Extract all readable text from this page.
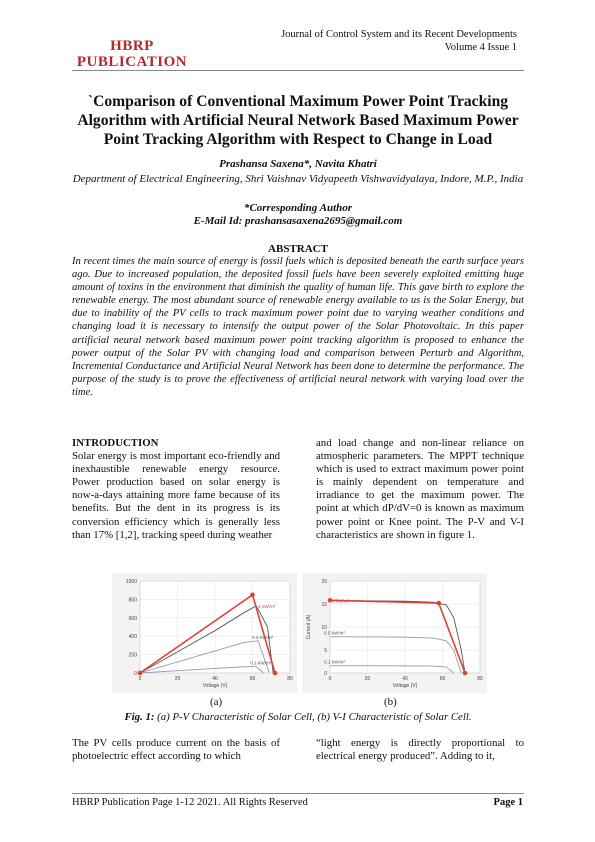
HBRP
PUBLICATION
Journal of Control System and its Recent Developments
Volume 4 Issue 1
`Comparison of Conventional Maximum Power Point Tracking Algorithm with Artificial Neural Network Based Maximum Power Point Tracking Algorithm with Respect to Change in Load
Prashansa Saxena*, Navita Khatri
Department of Electrical Engineering, Shri Vaishnav Vidyapeeth Vishwavidyalaya, Indore, M.P., India
*Corresponding Author
E-Mail Id: prashansasaxena2695@gmail.com
ABSTRACT
In recent times the main source of energy is fossil fuels which is deposited beneath the earth surface years ago. Due to increased population, the deposited fossil fuels have been severely exploited emitting huge amount of toxins in the environment that diminish the quality of human life. This gave birth to explore the renewable energy. The most abundant source of renewable energy available to us is the Solar Energy, but due to inability of the PV cells to track maximum power point due to varying weather conditions and changing load it is necessary to intensify the output power of the Solar Photovoltaic. In this paper artificial neural network based maximum power point tracking algorithm is proposed to enhance the power output of the Solar PV with changing load and comparison between Perturb and Algorithm, Incremental Conductance and Artificial Neural Network has been done to determine the performance. The purpose of the study is to prove the effectiveness of artificial neural network with varying load over the time.
INTRODUCTION
Solar energy is most important eco-friendly and inexhaustible renewable energy resource. Power production based on solar energy is now-a-days attaining more fame because of its benefits. But the dent in its progress is its conversion efficiency which is generally less than 17% [1,2], tracking speed during weather
and load change and non-linear reliance on atmospheric parameters. The MPPT technique which is used to extract maximum power point is mainly dependent on temperature and irradiance to get the maximum power. The point at which dP/dV=0 is known as maximum power point or Knee point. The P-V and V-I characteristics are shown in figure 1.
0
200
400
600
800
1000
0	20	40	60	80
Voltage (V)
1 kW/m²
0.5 kW/m²
0.1 kW/m²
0
5
10
15
20
0	20	40	60	80
Voltage (V)
Current (A)
1 kW/m²
0.5 kW/m²
0.1 kW/m²
(a)	(b)
Fig. 1: (a) P-V Characteristic of Solar Cell, (b) V-I Characteristic of Solar Cell.
The PV cells produce current on the basis of photoelectric effect according to which
“light energy is directly proportional to electrical energy produced”. Adding to it,
HBRP Publication Page 1-12 2021. All Rights Reserved	Page 1
